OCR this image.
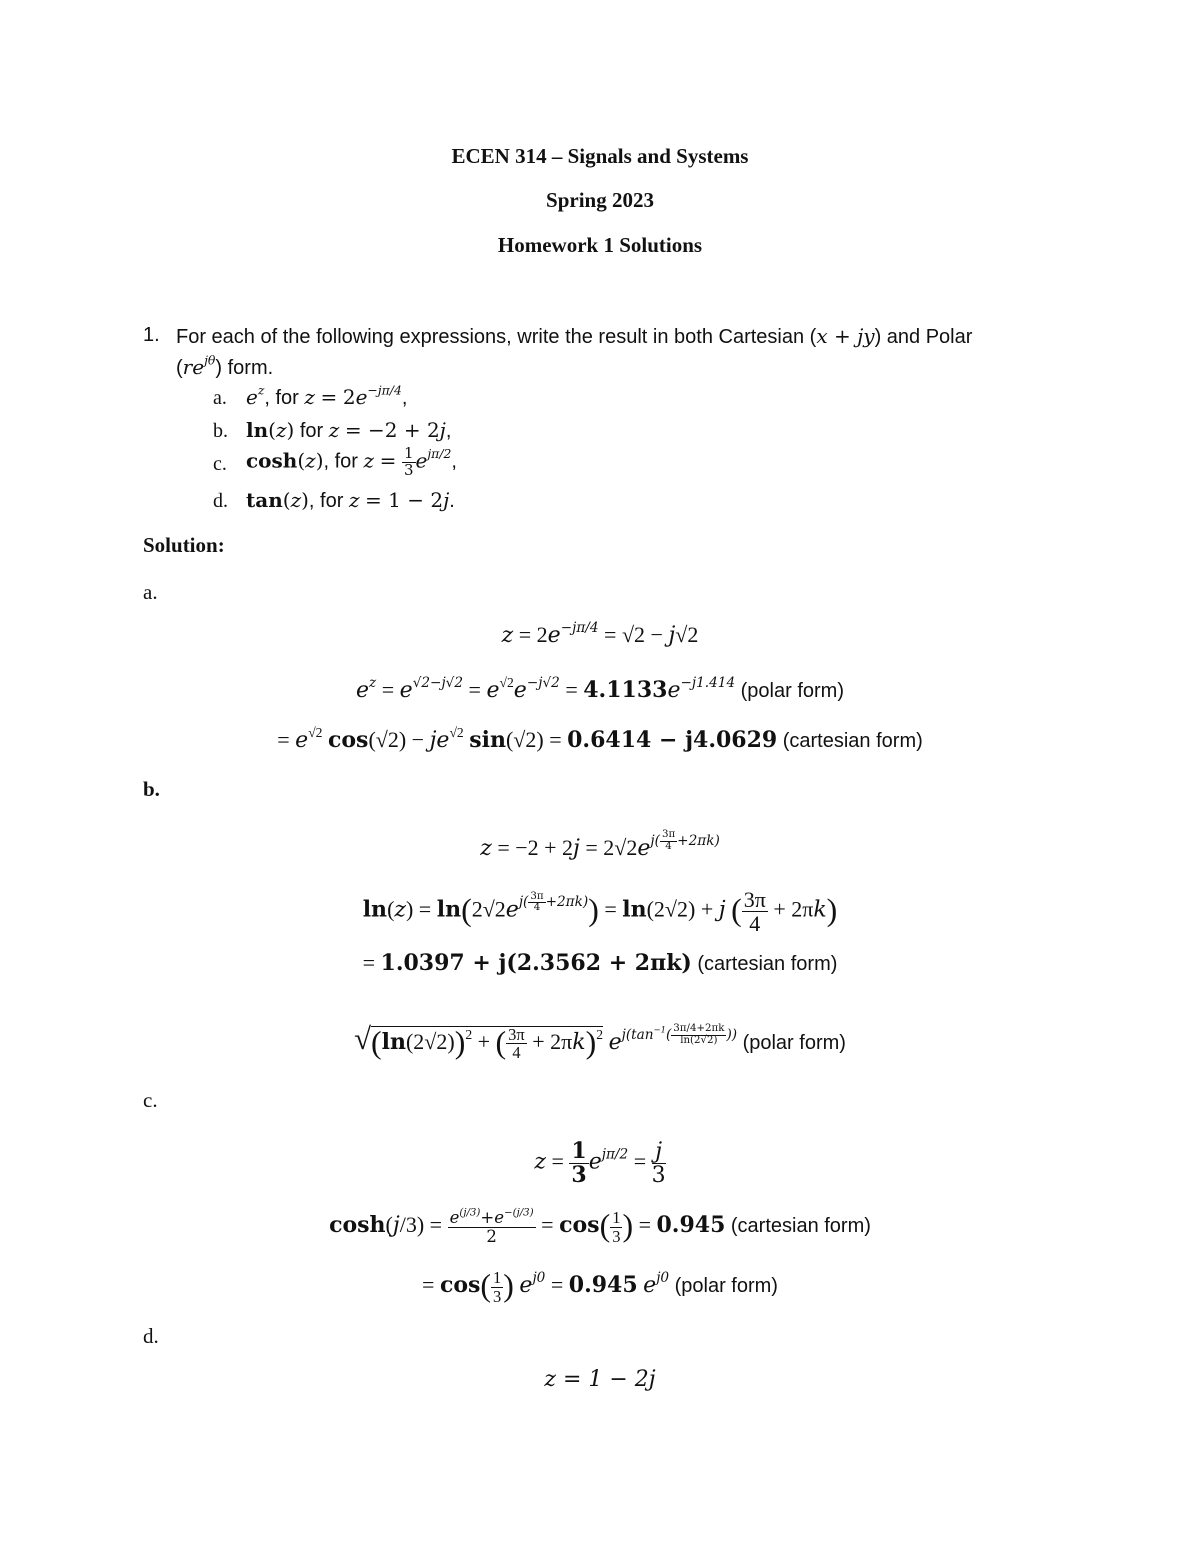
ECEN 314 – Signals and Systems
Spring 2023
Homework 1 Solutions
1. For each of the following expressions, write the result in both Cartesian (x + jy) and Polar
$(re^{j\theta})$ form.
a. $e^z$, for $z = 2e^{-j\pi/4}$,
b. ln(z) for z = −2 + 2j,
c. cosh(z), for $z = \frac{1}{3} e^{j\pi/2}$,
d. tan(z), for z = 1 − 2j.
Solution:
a.
$z = 2e^{-j\pi/4} = √2 - j√2$
$e^z = e^{√2-j√2} = e^{√2}e^{-j√2} = 4.1133e^{-j1.414}$ (polar form)
= $e^{√2}$ $\cos(√2) - je^{√2}$ sin(√2) = 0.6414 − j4.0629 (cartesian form)
b.
$z = -2 + 2j = 2√2e^{j( \frac{3\pi}{4} +2\pi k)}$
$\ln(z) = \ln(2√2e^{j( \frac{3\pi}{4} +2\pi k)}) = \ln(2√2) + j$ ( $\frac{3\pi}{4} + 2\pi k$)
= 1.0397 + j(2.3562 + 2πk) (cartesian form)
$√(\ln(2√2))^2$ + ( $\frac{3\pi}{4} + 2\pi k)^2$ $e^{j(tan^{-1}( \frac{3\pi/4+2\pi k}{\ln(2√2)} ))}$ (polar form)
c.
$z = \frac{1}{3} e^{j\pi/2} = \frac{j}{3}$
$\cosh(j/3) = \frac{e^{(j/3)}+e^{-(j/3)}}{2} = \cos( \frac{1}{3}$ ) = 0.945 (cartesian form)
= $\cos( \frac{1}{3}$ ) $e^{j0} = 0.945$ $e^{j0}$ (polar form)
d.
z = 1 − 2j
